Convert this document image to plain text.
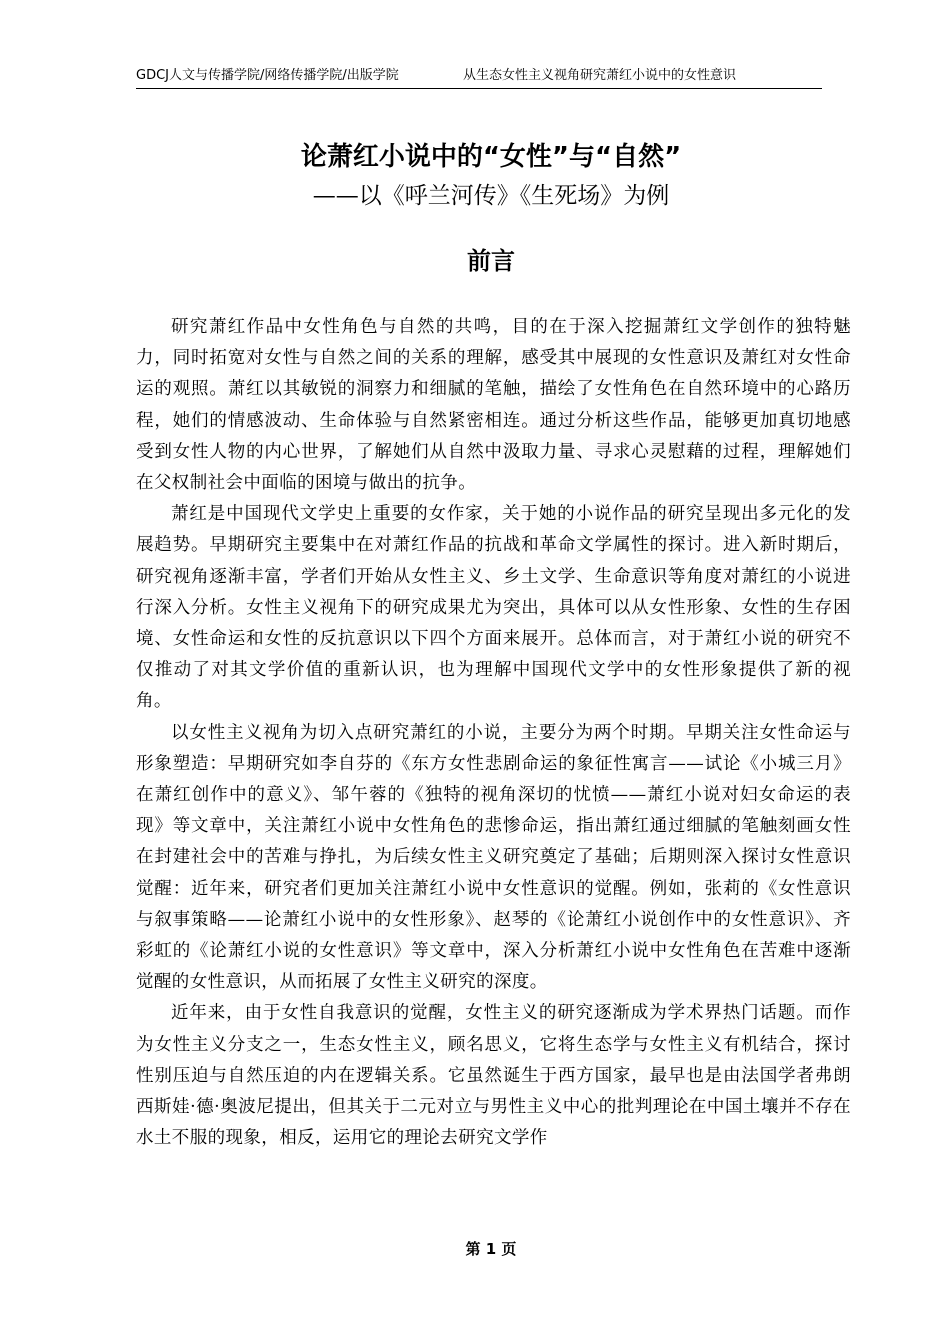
GDCJ人文与传播学院/网络传播学院/出版学院	从生态女性主义视角研究萧红小说中的女性意识
论萧红小说中的“女性”与“自然”
——以《呼兰河传》《生死场》为例
前言

研究萧红作品中女性角色与自然的共鸣，目的在于深入挖掘萧红文学创作的独特魅力，同时拓宽对女性与自然之间的关系的理解，感受其中展现的女性意识及萧红对女性命运的观照。萧红以其敏锐的洞察力和细腻的笔触，描绘了女性角色在自然环境中的心路历程，她们的情感波动、生命体验与自然紧密相连。通过分析这些作品，能够更加真切地感受到女性人物的内心世界，了解她们从自然中汲取力量、寻求心灵慰藉的过程，理解她们在父权制社会中面临的困境与做出的抗争。

萧红是中国现代文学史上重要的女作家，关于她的小说作品的研究呈现出多元化的发展趋势。早期研究主要集中在对萧红作品的抗战和革命文学属性的探讨。进入新时期后，研究视角逐渐丰富，学者们开始从女性主义、乡土文学、生命意识等角度对萧红的小说进行深入分析。女性主义视角下的研究成果尤为突出，具体可以从女性形象、女性的生存困境、女性命运和女性的反抗意识以下四个方面来展开。总体而言，对于萧红小说的研究不仅推动了对其文学价值的重新认识，也为理解中国现代文学中的女性形象提供了新的视角。

以女性主义视角为切入点研究萧红的小说，主要分为两个时期。早期关注女性命运与形象塑造：早期研究如李自芬的《东方女性悲剧命运的象征性寓言——试论《小城三月》在萧红创作中的意义》、邹午蓉的《独特的视角深切的忧愤——萧红小说对妇女命运的表现》等文章中，关注萧红小说中女性角色的悲惨命运，指出萧红通过细腻的笔触刻画女性在封建社会中的苦难与挣扎，为后续女性主义研究奠定了基础；后期则深入探讨女性意识觉醒：近年来，研究者们更加关注萧红小说中女性意识的觉醒。例如，张莉的《女性意识与叙事策略——论萧红小说中的女性形象》、赵琴的《论萧红小说创作中的女性意识》、齐彩虹的《论萧红小说的女性意识》等文章中，深入分析萧红小说中女性角色在苦难中逐渐觉醒的女性意识，从而拓展了女性主义研究的深度。

近年来，由于女性自我意识的觉醒，女性主义的研究逐渐成为学术界热门话题。而作为女性主义分支之一，生态女性主义，顾名思义，它将生态学与女性主义有机结合，探讨性别压迫与自然压迫的内在逻辑关系。它虽然诞生于西方国家，最早也是由法国学者弗朗西斯娃·德·奥波尼提出，但其关于二元对立与男性主义中心的批判理论在中国土壤并不存在水土不服的现象，相反，运用它的理论去研究文学作

第 1 页
